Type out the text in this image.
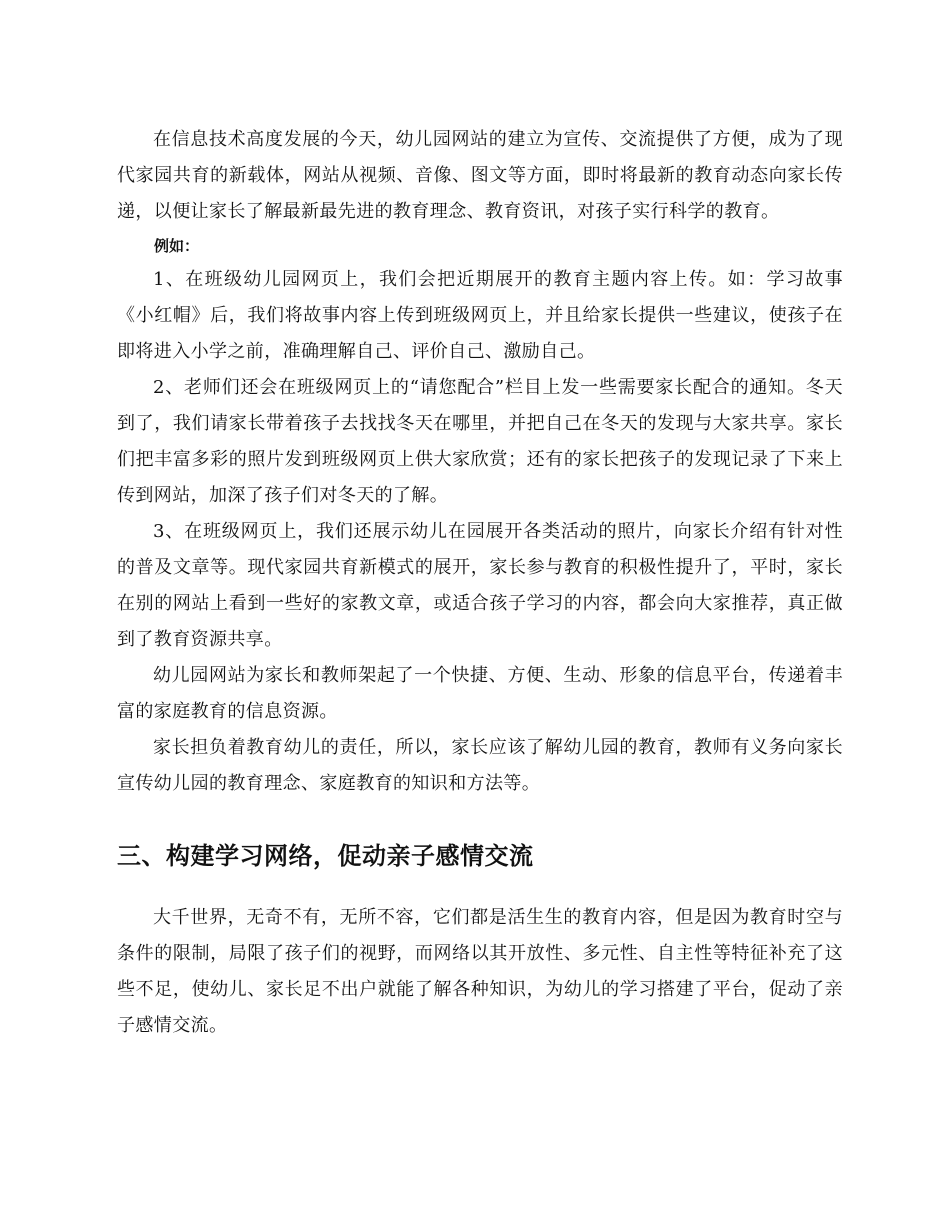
在信息技术高度发展的今天，幼儿园网站的建立为宣传、交流提供了方便，成为了现代家园共育的新载体，网站从视频、音像、图文等方面，即时将最新的教育动态向家长传递，以便让家长了解最新最先进的教育理念、教育资讯，对孩子实行科学的教育。

例如：

1、在班级幼儿园网页上，我们会把近期展开的教育主题内容上传。如：学习故事《小红帽》后，我们将故事内容上传到班级网页上，并且给家长提供一些建议，使孩子在即将进入小学之前，准确理解自己、评价自己、激励自己。

2、老师们还会在班级网页上的“请您配合”栏目上发一些需要家长配合的通知。冬天到了，我们请家长带着孩子去找找冬天在哪里，并把自己在冬天的发现与大家共享。家长们把丰富多彩的照片发到班级网页上供大家欣赏；还有的家长把孩子的发现记录了下来上传到网站，加深了孩子们对冬天的了解。

3、在班级网页上，我们还展示幼儿在园展开各类活动的照片，向家长介绍有针对性的普及文章等。现代家园共育新模式的展开，家长参与教育的积极性提升了，平时，家长在别的网站上看到一些好的家教文章，或适合孩子学习的内容，都会向大家推荐，真正做到了教育资源共享。

幼儿园网站为家长和教师架起了一个快捷、方便、生动、形象的信息平台，传递着丰富的家庭教育的信息资源。

家长担负着教育幼儿的责任，所以，家长应该了解幼儿园的教育，教师有义务向家长宣传幼儿园的教育理念、家庭教育的知识和方法等。

三、构建学习网络，促动亲子感情交流

大千世界，无奇不有，无所不容，它们都是活生生的教育内容，但是因为教育时空与条件的限制，局限了孩子们的视野，而网络以其开放性、多元性、自主性等特征补充了这些不足，使幼儿、家长足不出户就能了解各种知识，为幼儿的学习搭建了平台，促动了亲子感情交流。
